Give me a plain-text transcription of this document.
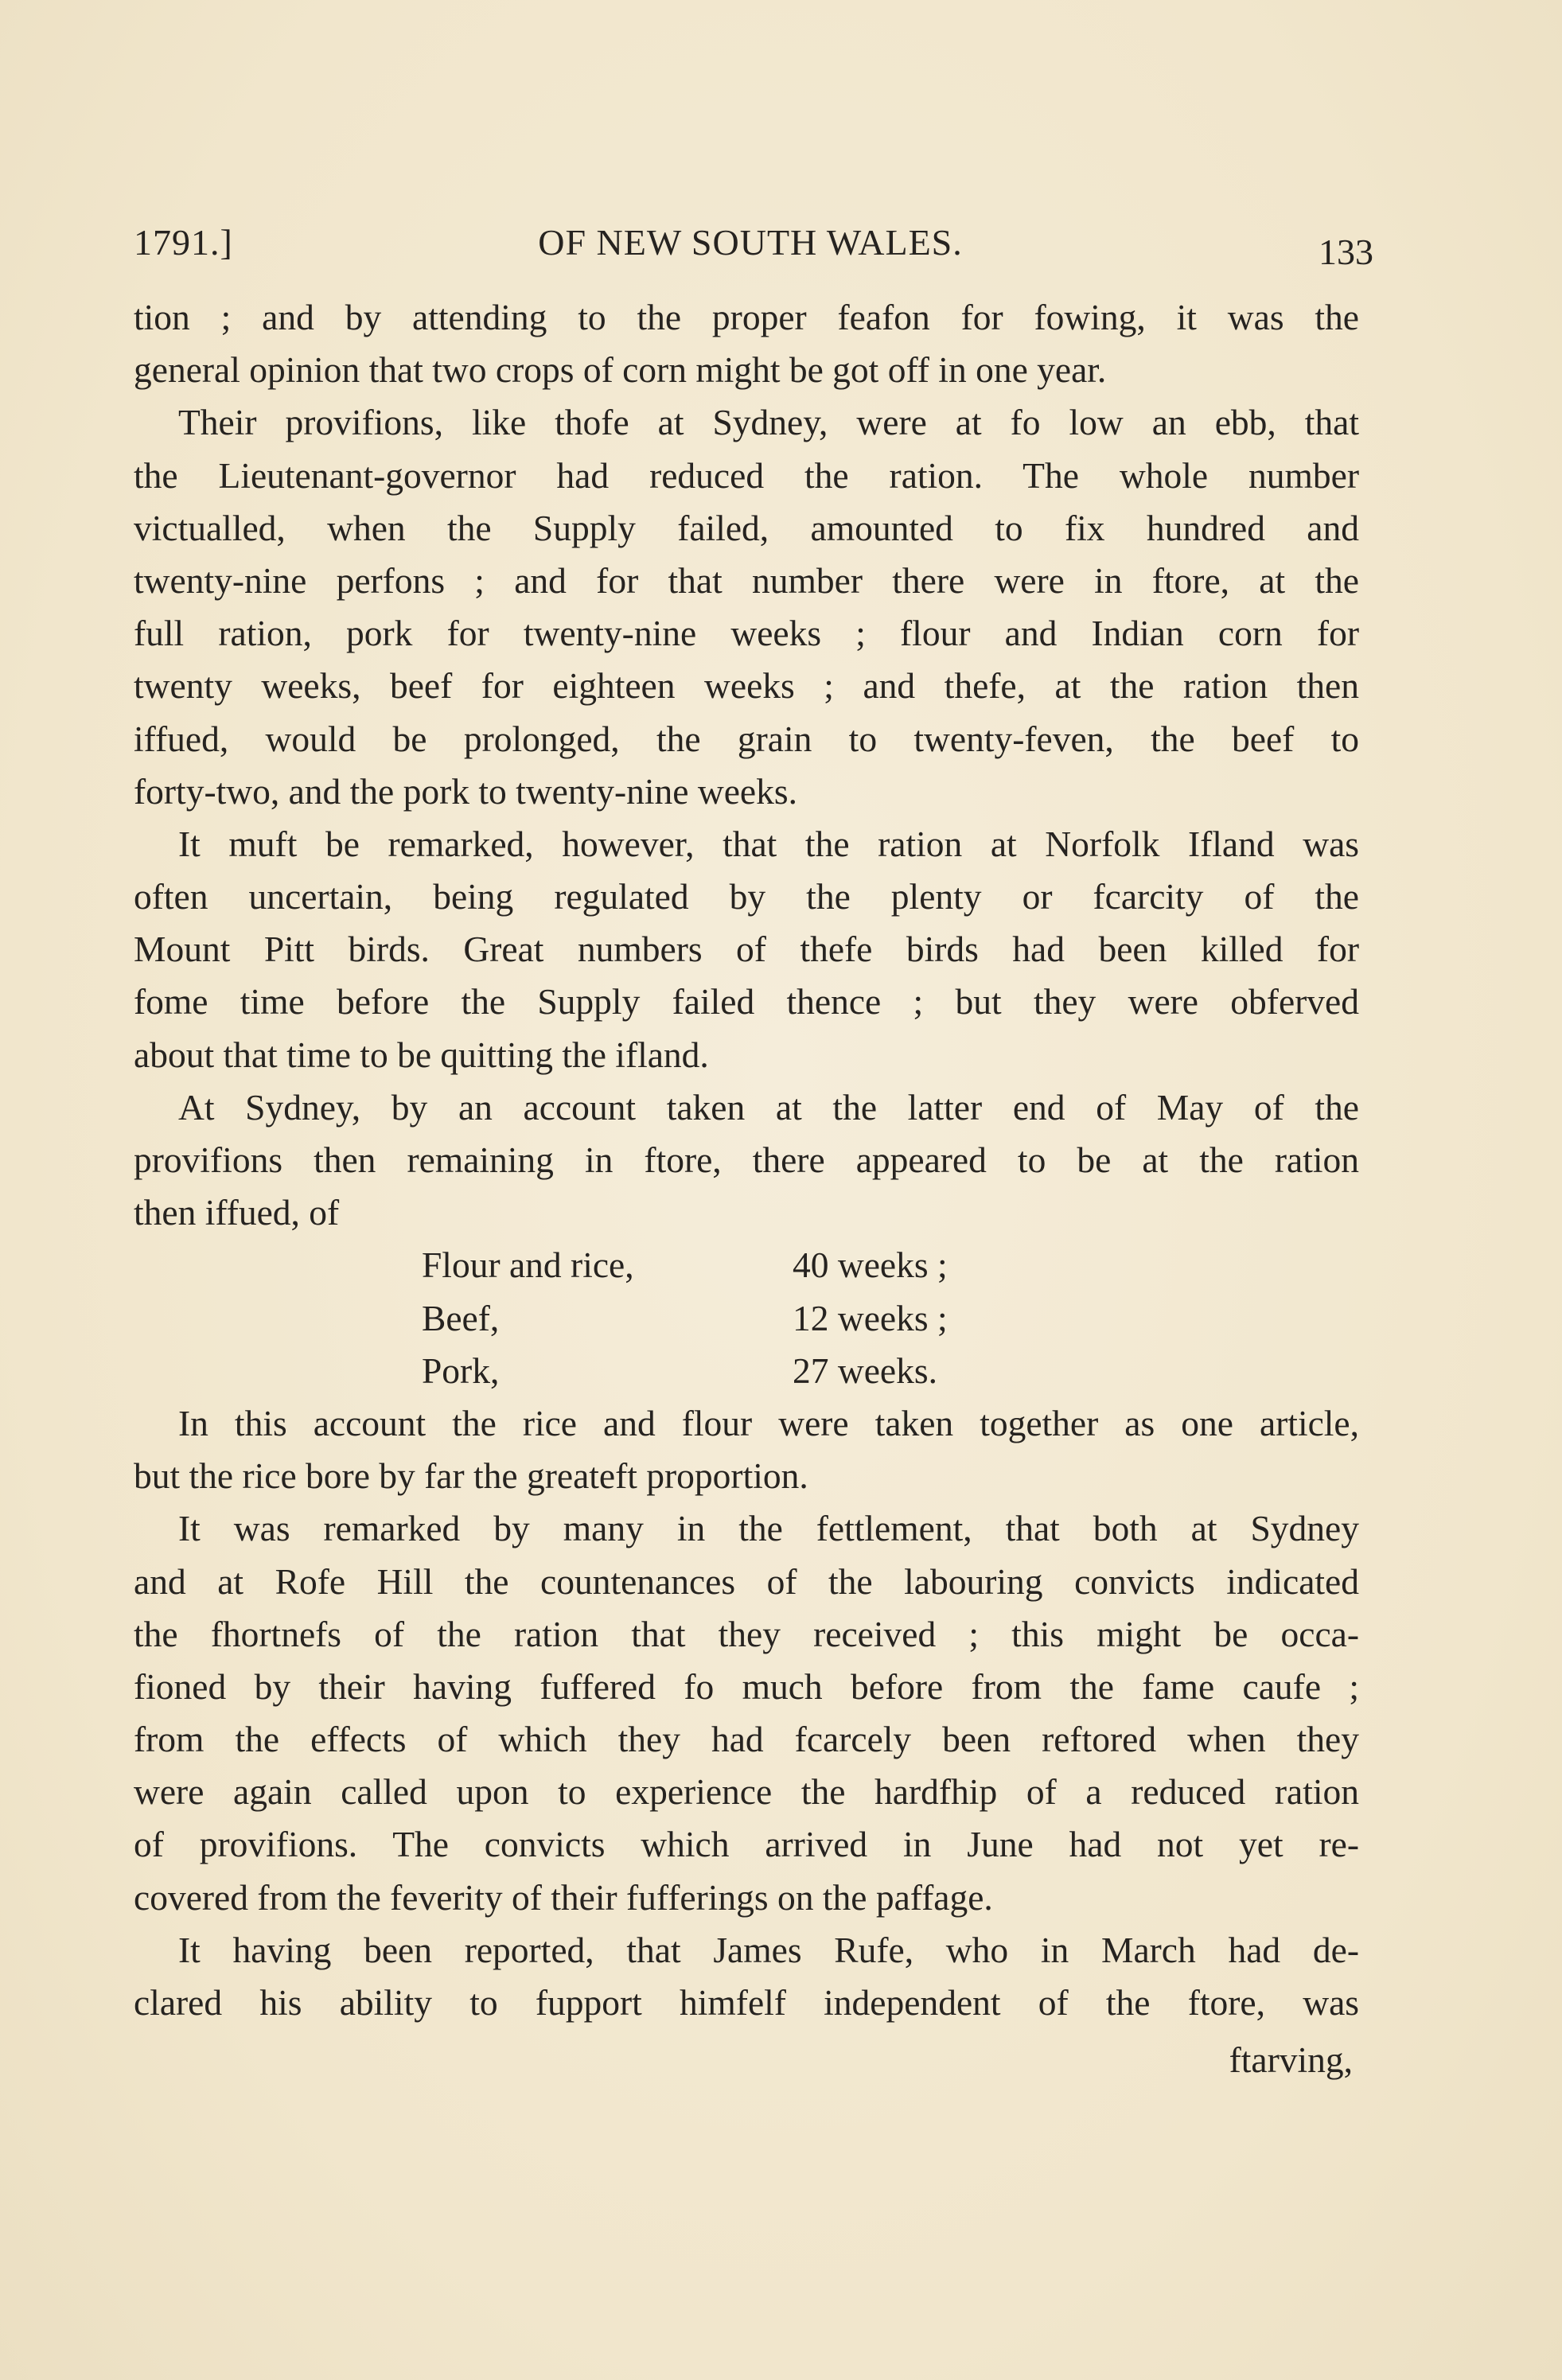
1791.]	OF NEW SOUTH WALES.	133
tion ; and by attending to the proper feafon for fowing, it was the
general opinion that two crops of corn might be got off in one year.
Their provifions, like thofe at Sydney, were at fo low an ebb, that
the Lieutenant-governor had reduced the ration. The whole number
victualled, when the Supply failed, amounted to fix hundred and
twenty-nine perfons ; and for that number there were in ftore, at the
full ration, pork for twenty-nine weeks ; flour and Indian corn for
twenty weeks, beef for eighteen weeks ; and thefe, at the ration then
iffued, would be prolonged, the grain to twenty-feven, the beef to
forty-two, and the pork to twenty-nine weeks.
It muft be remarked, however, that the ration at Norfolk Ifland was
often uncertain, being regulated by the plenty or fcarcity of the
Mount Pitt birds. Great numbers of thefe birds had been killed for
fome time before the Supply failed thence ; but they were obferved
about that time to be quitting the ifland.
At Sydney, by an account taken at the latter end of May of the
provifions then remaining in ftore, there appeared to be at the ration
then iffued, of
Flour and rice,	40 weeks ;
Beef,	12 weeks ;
Pork,	27 weeks.
In this account the rice and flour were taken together as one article,
but the rice bore by far the greateft proportion.
It was remarked by many in the fettlement, that both at Sydney
and at Rofe Hill the countenances of the labouring convicts indicated
the fhortnefs of the ration that they received ; this might be occa-
fioned by their having fuffered fo much before from the fame caufe ;
from the effects of which they had fcarcely been reftored when they
were again called upon to experience the hardfhip of a reduced ration
of provifions. The convicts which arrived in June had not yet re-
covered from the feverity of their fufferings on the paffage.
It having been reported, that James Rufe, who in March had de-
clared his ability to fupport himfelf independent of the ftore, was
ftarving,
